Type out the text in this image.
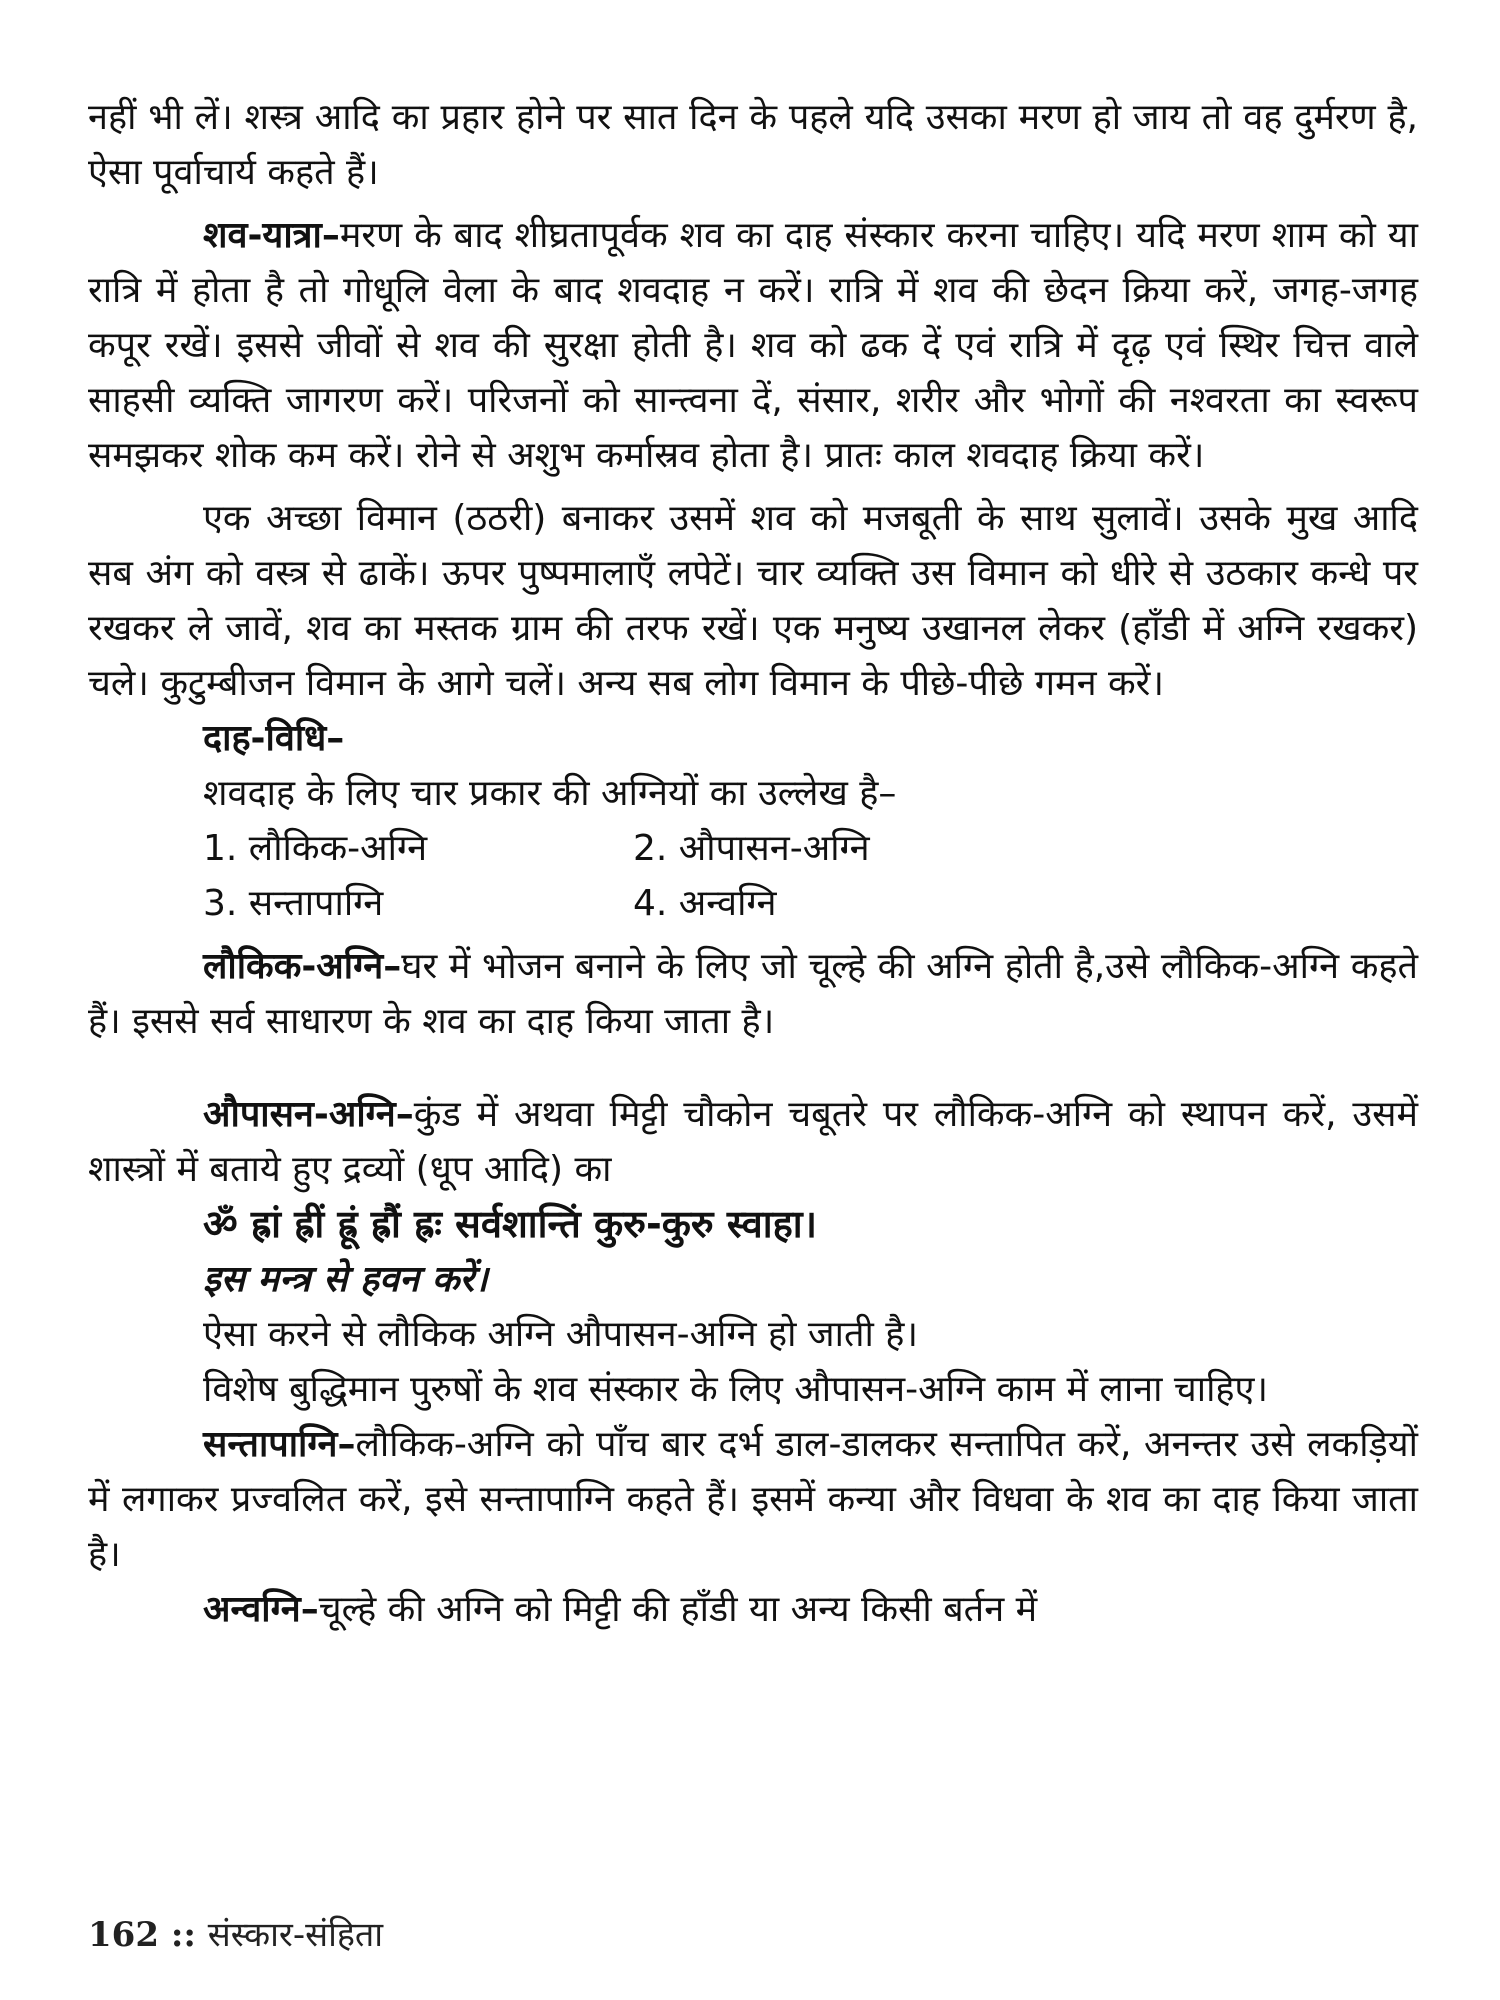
नहीं भी लें। शस्त्र आदि का प्रहार होने पर सात दिन के पहले यदि उसका मरण हो जाय तो वह दुर्मरण है, ऐसा पूर्वाचार्य कहते हैं।

शव-यात्रा–मरण के बाद शीघ्रतापूर्वक शव का दाह संस्कार करना चाहिए। यदि मरण शाम को या रात्रि में होता है तो गोधूलि वेला के बाद शवदाह न करें। रात्रि में शव की छेदन क्रिया करें, जगह-जगह कपूर रखें। इससे जीवों से शव की सुरक्षा होती है। शव को ढक दें एवं रात्रि में दृढ़ एवं स्थिर चित्त वाले साहसी व्यक्ति जागरण करें। परिजनों को सान्त्वना दें, संसार, शरीर और भोगों की नश्वरता का स्वरूप समझकर शोक कम करें। रोने से अशुभ कर्मास्रव होता है। प्रातः काल शवदाह क्रिया करें।

एक अच्छा विमान (ठठरी) बनाकर उसमें शव को मजबूती के साथ सुलावें। उसके मुख आदि सब अंग को वस्त्र से ढाकें। ऊपर पुष्पमालाएँ लपेटें। चार व्यक्ति उस विमान को धीरे से उठकार कन्धे पर रखकर ले जावें, शव का मस्तक ग्राम की तरफ रखें। एक मनुष्य उखानल लेकर (हाँडी में अग्नि रखकर) चले। कुटुम्बीजन विमान के आगे चलें। अन्य सब लोग विमान के पीछे-पीछे गमन करें।

दाह-विधि–

शवदाह के लिए चार प्रकार की अग्नियों का उल्लेख है–

1. लौकिक-अग्नि	2. औपासन-अग्नि
3. सन्तापाग्नि	4. अन्वग्नि

लौकिक-अग्नि–घर में भोजन बनाने के लिए जो चूल्हे की अग्नि होती है,उसे लौकिक-अग्नि कहते हैं। इससे सर्व साधारण के शव का दाह किया जाता है।

औपासन-अग्नि–कुंड में अथवा मिट्टी चौकोन चबूतरे पर लौकिक-अग्नि को स्थापन करें, उसमें शास्त्रों में बताये हुए द्रव्यों (धूप आदि) का

ॐ ह्रां ह्रीं ह्रूं ह्रौं ह्रः सर्वशान्तिं कुरु-कुरु स्वाहा।

इस मन्त्र से हवन करें।

ऐसा करने से लौकिक अग्नि औपासन-अग्नि हो जाती है।

विशेष बुद्धिमान पुरुषों के शव संस्कार के लिए औपासन-अग्नि काम में लाना चाहिए।

सन्तापाग्नि–लौकिक-अग्नि को पाँच बार दर्भ डाल-डालकर सन्तापित करें, अनन्तर उसे लकड़ियों में लगाकर प्रज्वलित करें, इसे सन्तापाग्नि कहते हैं। इसमें कन्या और विधवा के शव का दाह किया जाता है।

अन्वग्नि–चूल्हे की अग्नि को मिट्टी की हाँडी या अन्य किसी बर्तन में

162 :: संस्कार-संहिता
